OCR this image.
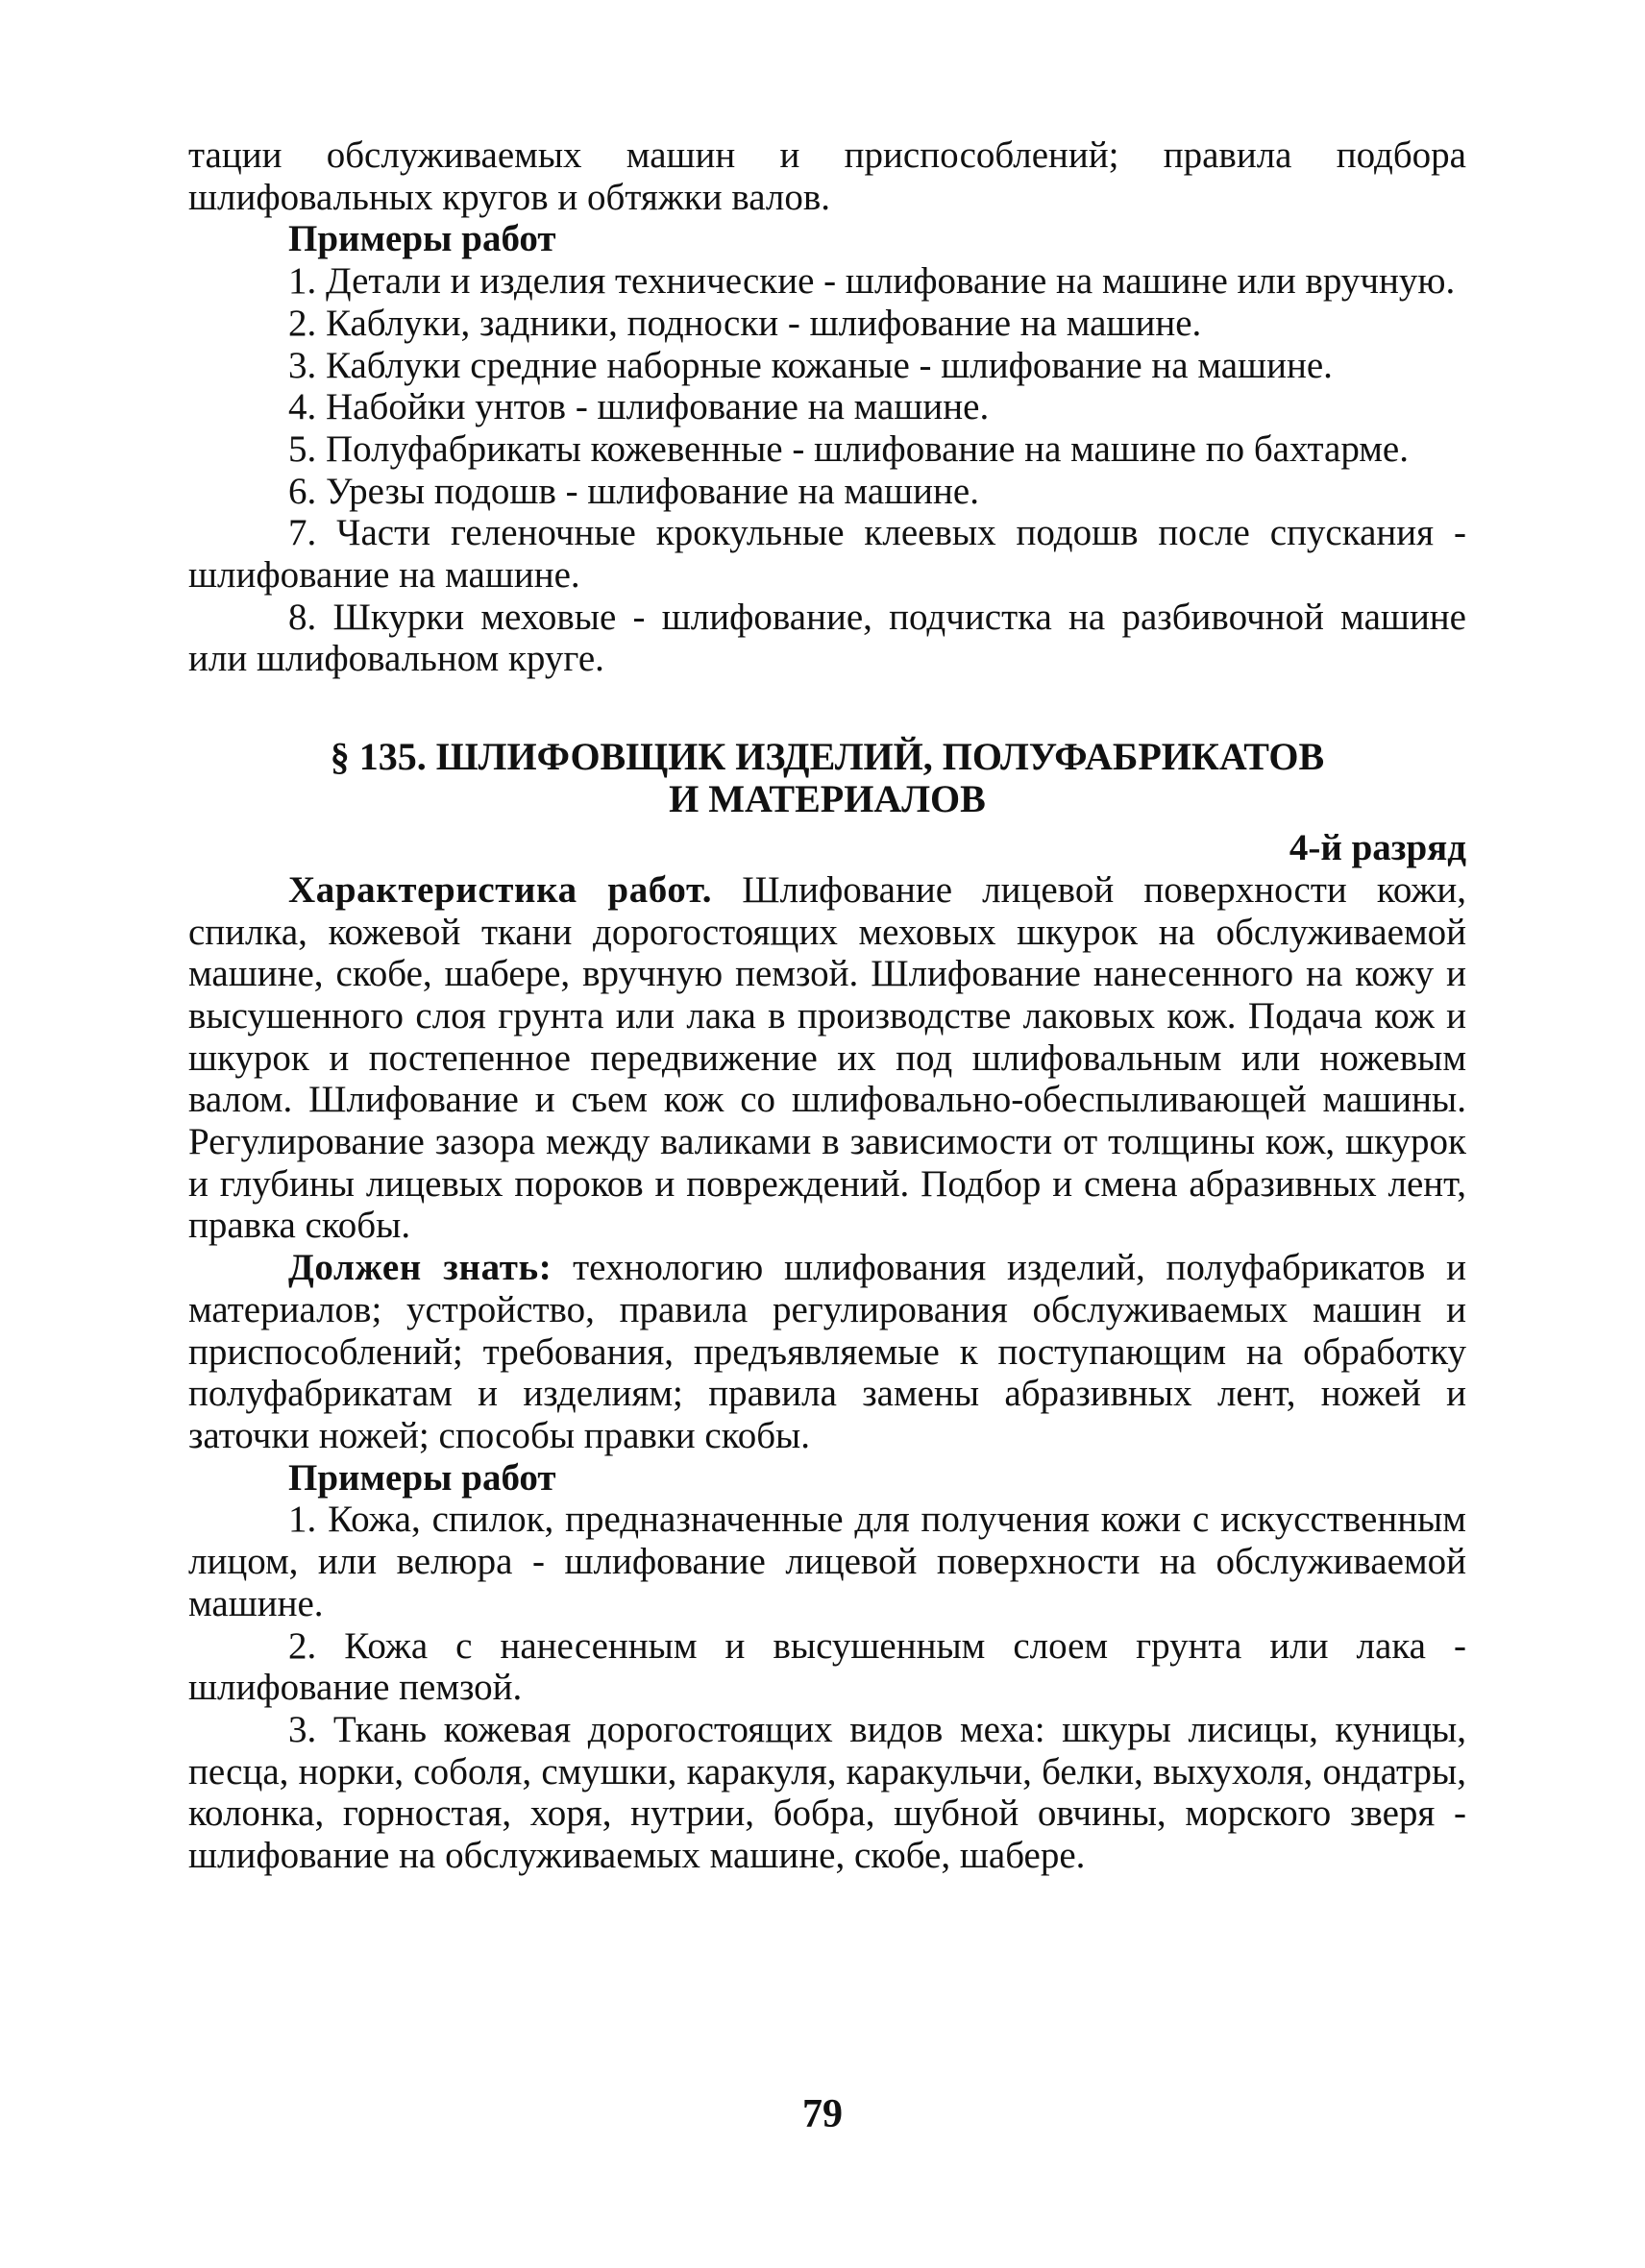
тации обслуживаемых машин и приспособлений; правила подбора шлифовальных кругов и обтяжки валов.

Примеры работ

1. Детали и изделия технические - шлифование на машине или вручную.

2. Каблуки, задники, подноски - шлифование на машине.

3. Каблуки средние наборные кожаные - шлифование на машине.

4. Набойки унтов - шлифование на машине.

5. Полуфабрикаты кожевенные - шлифование на машине по бахтарме.

6. Урезы подошв - шлифование на машине.

7. Части геленочные крокульные клеевых подошв после спускания - шлифование на машине.

8. Шкурки меховые - шлифование, подчистка на разбивочной машине или шлифовальном круге.

§ 135. ШЛИФОВЩИК ИЗДЕЛИЙ, ПОЛУФАБРИКАТОВ
И МАТЕРИАЛОВ

4-й разряд

Характеристика работ. Шлифование лицевой поверхности кожи, спилка, кожевой ткани дорогостоящих меховых шкурок на обслуживаемой машине, скобе, шабере, вручную пемзой. Шлифование нанесенного на кожу и высушенного слоя грунта или лака в производстве лаковых кож. Подача кож и шкурок и постепенное передвижение их под шлифовальным или ножевым валом. Шлифование и съем кож со шлифовально-обеспыливающей машины. Регулирование зазора между валиками в зависимости от толщины кож, шкурок и глубины лицевых пороков и повреждений. Подбор и смена абразивных лент, правка скобы.

Должен знать: технологию шлифования изделий, полуфабрикатов и материалов; устройство, правила регулирования обслуживаемых машин и приспособлений; требования, предъявляемые к поступающим на обработку полуфабрикатам и изделиям; правила замены абразивных лент, ножей и заточки ножей; способы правки скобы.

Примеры работ

1. Кожа, спилок, предназначенные для получения кожи с искусственным лицом, или велюра - шлифование лицевой поверхности на обслуживаемой машине.

2. Кожа с нанесенным и высушенным слоем грунта или лака - шлифование пемзой.

3. Ткань кожевая дорогостоящих видов меха: шкуры лисицы, куницы, песца, норки, соболя, смушки, каракуля, каракульчи, белки, выхухоля, ондатры, колонка, горностая, хоря, нутрии, бобра, шубной овчины, морского зверя - шлифование на обслуживаемых машине, скобе, шабере.

79
